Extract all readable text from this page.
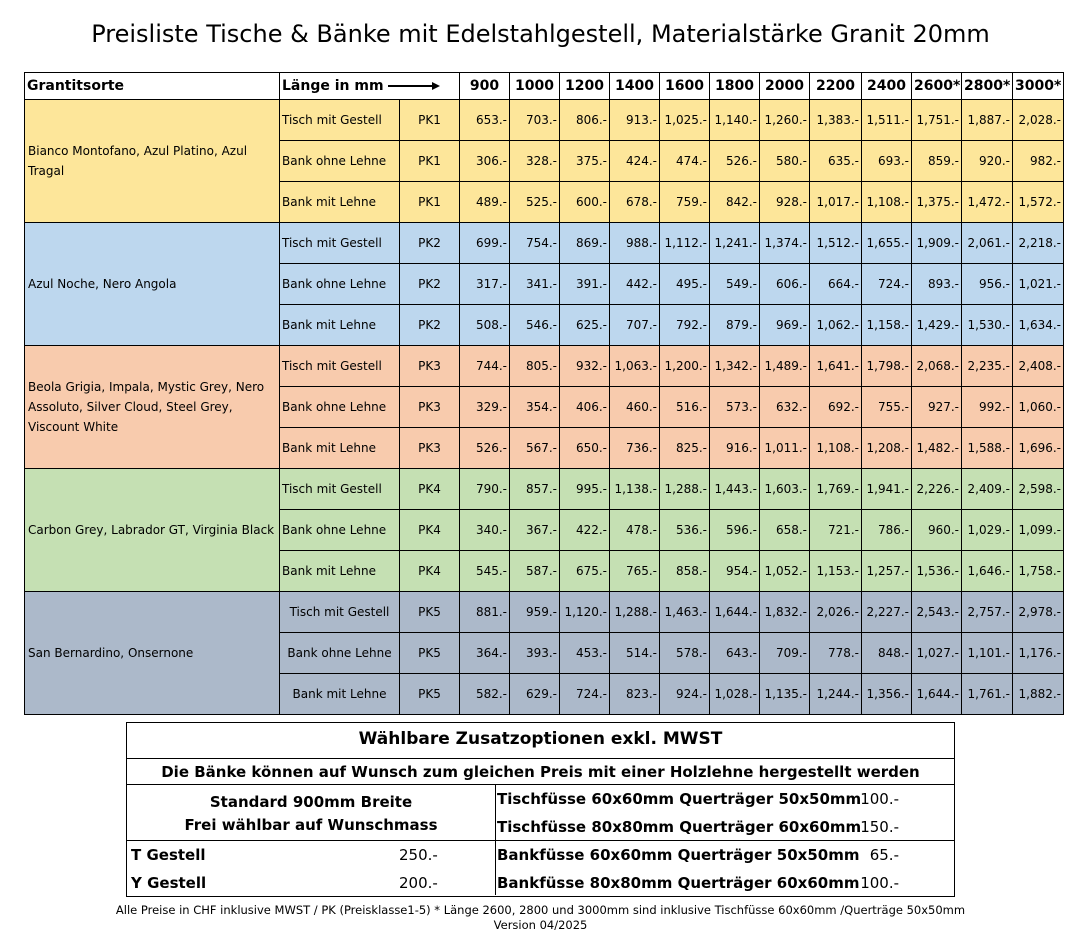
Preisliste Tische & Bänke mit Edelstahlgestell, Materialstärke Granit 20mm
Grantitsorte	Länge in mm		900	1000	1200	1400	1600	1800	2000	2200	2400	2600*	2800*	3000*
Bianco Montofano, Azul Platino, Azul Tragal	Tisch mit Gestell	PK1	653.-	703.-	806.-	913.-	1,025.-	1,140.-	1,260.-	1,383.-	1,511.-	1,751.-	1,887.-	2,028.-
	Bank ohne Lehne	PK1	306.-	328.-	375.-	424.-	474.-	526.-	580.-	635.-	693.-	859.-	920.-	982.-
	Bank mit Lehne	PK1	489.-	525.-	600.-	678.-	759.-	842.-	928.-	1,017.-	1,108.-	1,375.-	1,472.-	1,572.-
Azul Noche, Nero Angola	Tisch mit Gestell	PK2	699.-	754.-	869.-	988.-	1,112.-	1,241.-	1,374.-	1,512.-	1,655.-	1,909.-	2,061.-	2,218.-
	Bank ohne Lehne	PK2	317.-	341.-	391.-	442.-	495.-	549.-	606.-	664.-	724.-	893.-	956.-	1,021.-
	Bank mit Lehne	PK2	508.-	546.-	625.-	707.-	792.-	879.-	969.-	1,062.-	1,158.-	1,429.-	1,530.-	1,634.-
Beola Grigia, Impala, Mystic Grey, Nero Assoluto, Silver Cloud, Steel Grey, Viscount White	Tisch mit Gestell	PK3	744.-	805.-	932.-	1,063.-	1,200.-	1,342.-	1,489.-	1,641.-	1,798.-	2,068.-	2,235.-	2,408.-
	Bank ohne Lehne	PK3	329.-	354.-	406.-	460.-	516.-	573.-	632.-	692.-	755.-	927.-	992.-	1,060.-
	Bank mit Lehne	PK3	526.-	567.-	650.-	736.-	825.-	916.-	1,011.-	1,108.-	1,208.-	1,482.-	1,588.-	1,696.-
Carbon Grey, Labrador GT, Virginia Black	Tisch mit Gestell	PK4	790.-	857.-	995.-	1,138.-	1,288.-	1,443.-	1,603.-	1,769.-	1,941.-	2,226.-	2,409.-	2,598.-
	Bank ohne Lehne	PK4	340.-	367.-	422.-	478.-	536.-	596.-	658.-	721.-	786.-	960.-	1,029.-	1,099.-
	Bank mit Lehne	PK4	545.-	587.-	675.-	765.-	858.-	954.-	1,052.-	1,153.-	1,257.-	1,536.-	1,646.-	1,758.-
San Bernardino, Onsernone	Tisch mit Gestell	PK5	881.-	959.-	1,120.-	1,288.-	1,463.-	1,644.-	1,832.-	2,026.-	2,227.-	2,543.-	2,757.-	2,978.-
	Bank ohne Lehne	PK5	364.-	393.-	453.-	514.-	578.-	643.-	709.-	778.-	848.-	1,027.-	1,101.-	1,176.-
	Bank mit Lehne	PK5	582.-	629.-	724.-	823.-	924.-	1,028.-	1,135.-	1,244.-	1,356.-	1,644.-	1,761.-	1,882.-
Wählbare Zusatzoptionen exkl. MWST
Die Bänke können auf Wunsch zum gleichen Preis mit einer Holzlehne hergestellt werden
Standard 900mm Breite
Frei wählbar auf Wunschmass
T Gestell	250.-
Y Gestell	200.-
Tischfüsse 60x60mm Querträger 50x50mm 100.-
Tischfüsse 80x80mm Querträger 60x60mm 150.-
Bankfüsse 60x60mm Querträger 50x50mm 65.-
Bankfüsse 80x80mm Querträger 60x60mm 100.-
Alle Preise in CHF inklusive MWST / PK (Preisklasse1-5) * Länge 2600, 2800 und 3000mm sind inklusive Tischfüsse 60x60mm /Querträge 50x50mm
Version 04/2025
